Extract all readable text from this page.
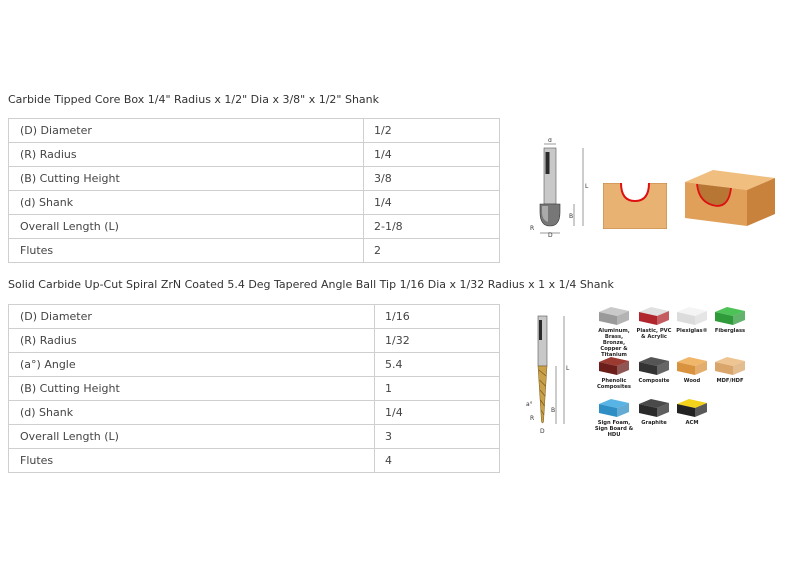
Carbide Tipped Core Box 1/4" Radius x 1/2" Dia x 3/8" x 1/2" Shank
(D) Diameter	1/2
(R) Radius	1/4
(B) Cutting Height	3/8
(d) Shank	1/4
Overall Length (L)	2-1/8
Flutes	2
d
L
B
D
R
Solid Carbide Up-Cut Spiral ZrN Coated 5.4 Deg Tapered Angle Ball Tip 1/16 Dia x 1/32 Radius x 1 x 1/4 Shank
(D) Diameter	1/16
(R) Radius	1/32
(a°) Angle	5.4
(B) Cutting Height	1
(d) Shank	1/4
Overall Length (L)	3
Flutes	4
L
B
a°
R
D
Aluminum, Brass, Bronze, Copper & Titanium
Plastic, PVC & Acrylic
Plexiglas®	Fiberglass
Phenolic Composites
Composite	Wood	MDF/HDF
Sign Foam, Sign Board & HDU
Graphite	ACM
